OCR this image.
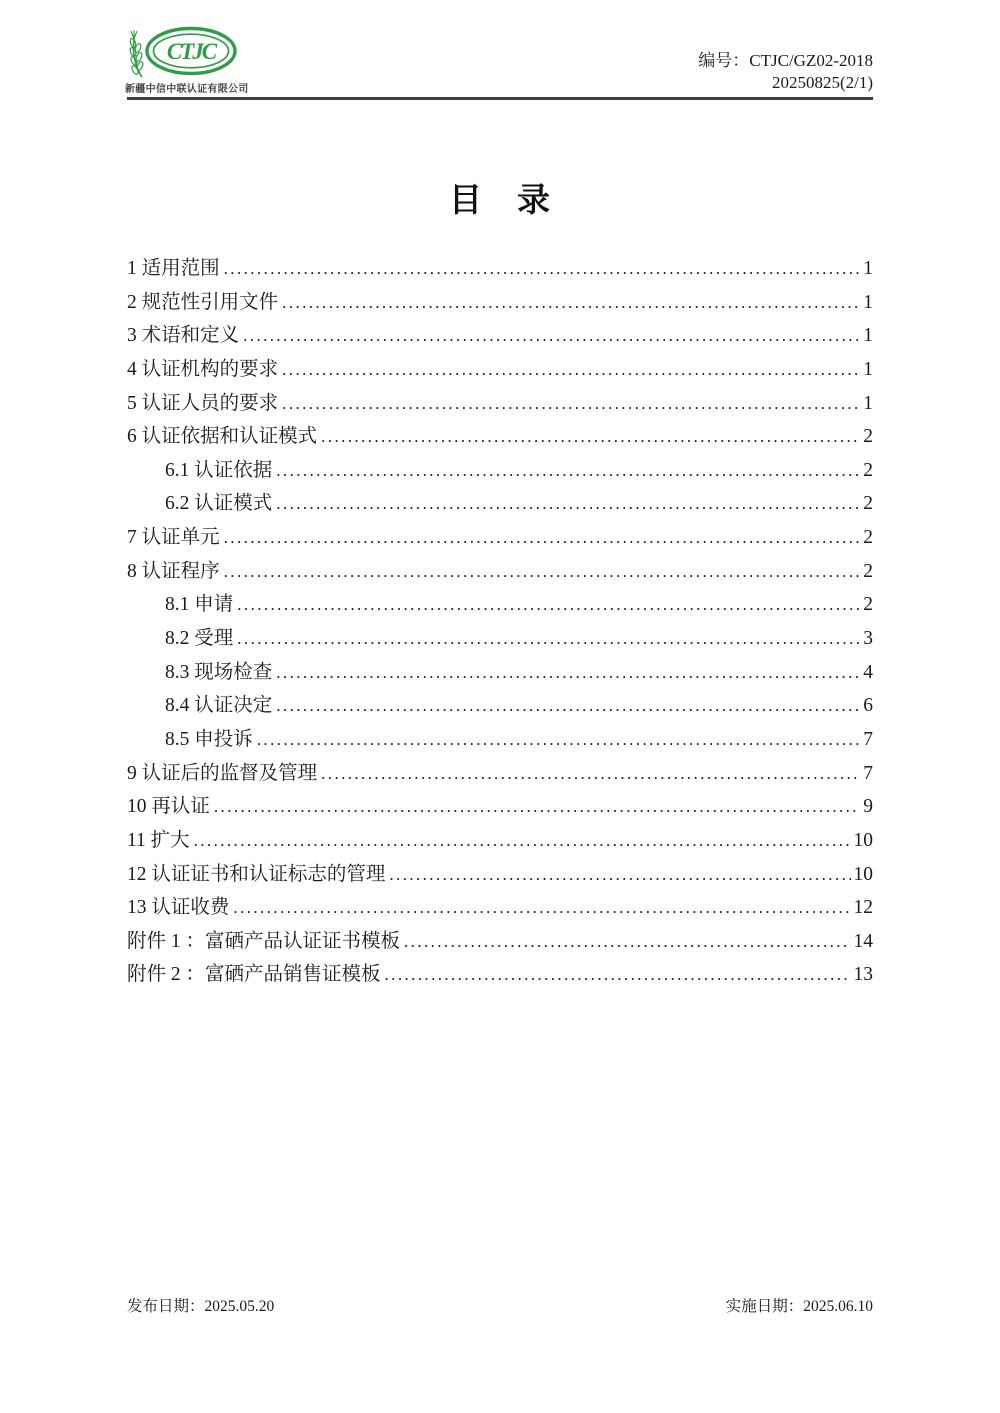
CTJC
新疆中信中联认证有限公司
编号：CTJC/GZ02-2018
20250825(2/1)
目　录
1 适用范围 .....	1
2 规范性引用文件 .....	1
3 术语和定义 .....	1
4 认证机构的要求 .....	1
5 认证人员的要求 .....	1
6 认证依据和认证模式 .....	2
6.1 认证依据 .....	2
6.2 认证模式 .....	2
7 认证单元 .....	2
8 认证程序 .....	2
8.1 申请 .....	2
8.2 受理 .....	3
8.3 现场检查 .....	4
8.4 认证决定 .....	6
8.5 申投诉 .....	7
9 认证后的监督及管理 .....	7
10 再认证 .....	9
11 扩大 .....	10
12 认证证书和认证标志的管理 .....	10
13 认证收费 .....	12
附件 1 ：富硒产品认证证书模板 .....	14
附件 2 ：富硒产品销售证模板 .....	13
发布日期：2025.05.20	实施日期：2025.06.10
